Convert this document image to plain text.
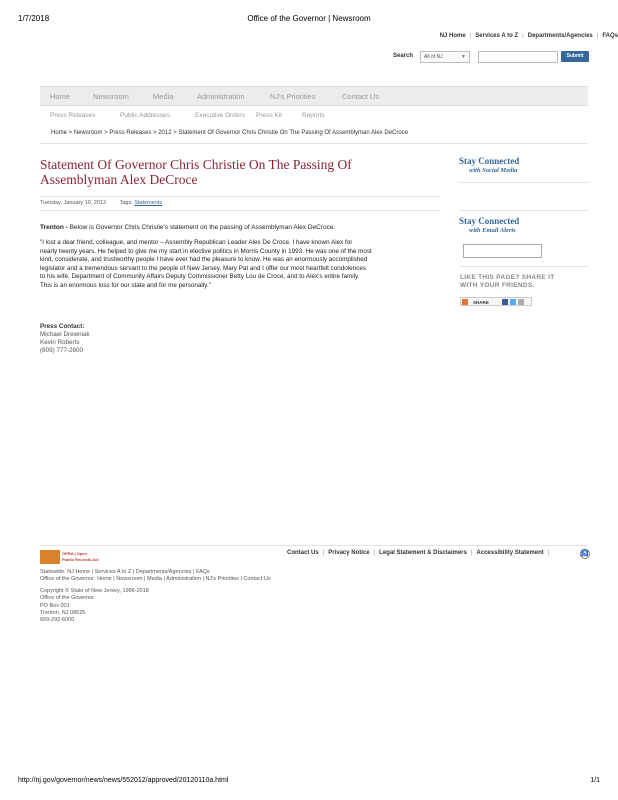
1/7/2018	Office of the Governor | Newsroom
NJ Home | Services A to Z | Departments/Agencies | FAQs
Search	All of NJ	▼	Submit
Home	Newsroom	Media	Administration	NJ's Priorities	Contact Us
Press Releases	Public Addresses	Executive Orders Press Kit	Reports
Home > Newsroom > Press Releases > 2012 > Statement Of Governor Chris Christie On The Passing Of Assemblyman Alex DeCroce
Statement Of Governor Chris Christie On The Passing Of
Assemblyman Alex DeCroce
Tuesday, January 10, 2012 Tags: Statements
Trenton - Below is Governor Chris Christie's statement on the passing of Assemblyman Alex DeCroce:
"I lost a dear friend, colleague, and mentor – Assembly Republican Leader Alex De Croce. I have known Alex for
nearly twenty years. He helped to give me my start in elective politics in Morris County in 1993. He was one of the most
kind, considerate, and trustworthy people I have ever had the pleasure to know. He was an enormously accomplished
legislator and a tremendous servant to the people of New Jersey. Mary Pat and I offer our most heartfelt condolences
to his wife, Department of Community Affairs Deputy Commissioner Betty Lou de Croce, and to Alex's entire family.
This is an enormous loss for our state and for me personally."
Press Contact:
Michael Drewniak
Kevin Roberts
(609) 777-2600
Stay Connected
with Social Media
Stay Connected
with Email Alerts
LIKE THIS PAGE? SHARE IT
WITH YOUR FRIENDS.
SHARE
OPRA | Open
Public Records Act
Contact Us | Privacy Notice | Legal Statement & Disclaimers | Accessibility Statement |	♿
Statewide: NJ Home | Services A to Z | Departments/Agencies | FAQs
Office of the Governor: Home | Newsroom | Media | Administration | NJ's Priorities | Contact Us
Copyright © State of New Jersey, 1996-2018
Office of the Governor
PO Box 001
Trenton, NJ 08625
609-292-6000
http://nj.gov/governor/news/news/552012/approved/20120110a.html	1/1
